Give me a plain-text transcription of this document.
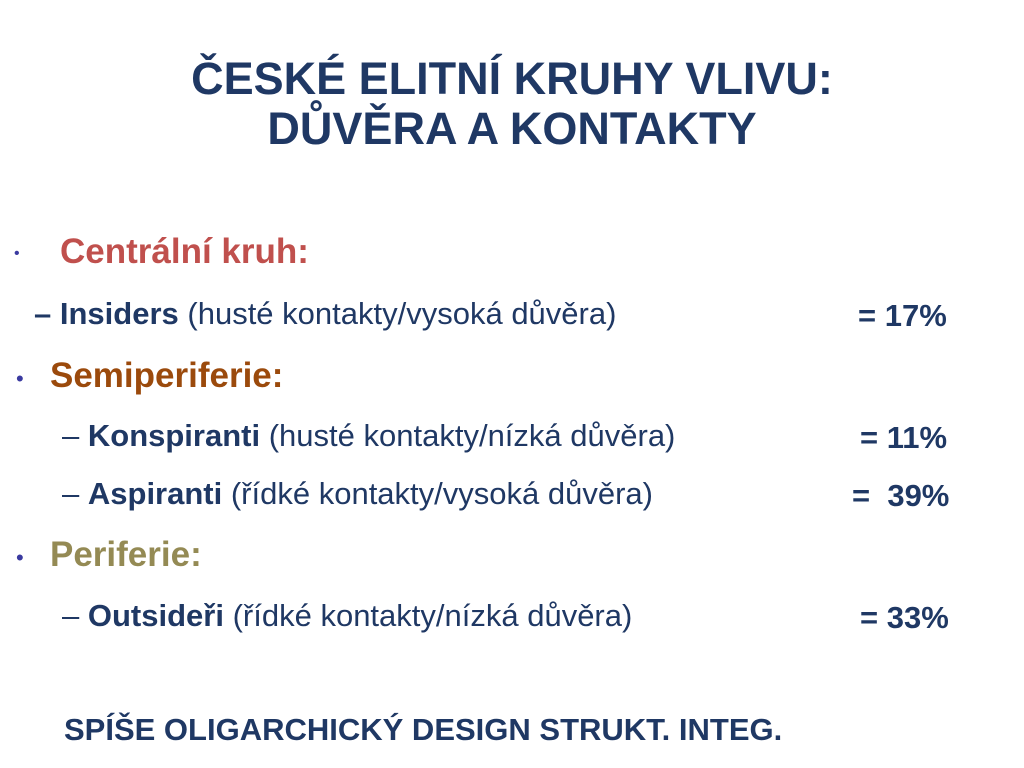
ČESKÉ ELITNÍ KRUHY VLIVU:
DŮVĚRA A KONTAKTY
• Centrální kruh:
– Insiders (husté kontakty/vysoká důvěra)	= 17%
• Semiperiferie:
– Konspiranti (husté kontakty/nízká důvěra)	= 11%
– Aspiranti (řídké kontakty/vysoká důvěra)	=  39%
• Periferie:
– Outsideři (řídké kontakty/nízká důvěra)	= 33%
SPÍŠE OLIGARCHICKÝ DESIGN STRUKT. INTEG.
